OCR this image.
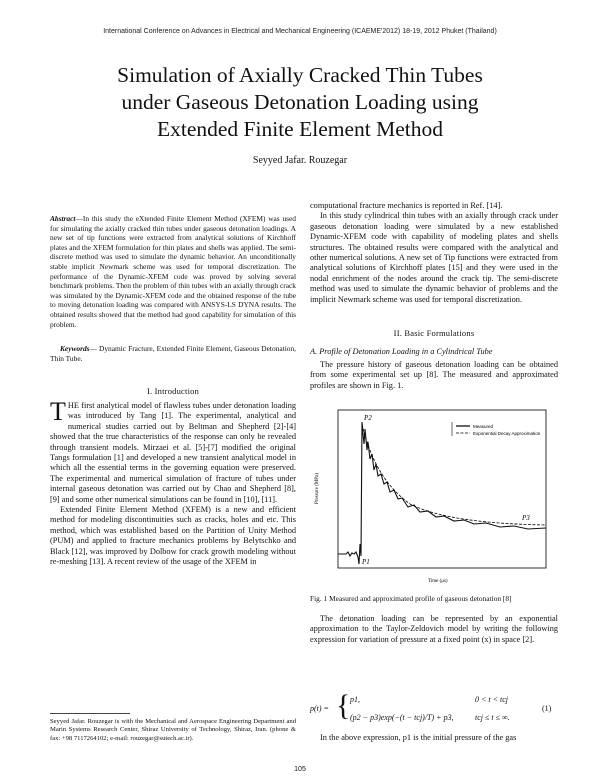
International Conference on Advances in Electrical and Mechanical Engineering (ICAEME'2012) 18-19, 2012 Phuket (Thailand)
Simulation of Axially Cracked Thin Tubes
under Gaseous Detonation Loading using
Extended Finite Element Method
Seyyed Jafar. Rouzegar
Abstract—In this study the eXtended Finite Element Method (XFEM) was used for simulating the axially cracked thin tubes under gaseous detonation loadings. A new set of tip functions were extracted from analytical solutions of Kirchhoff plates and the XFEM formulation for thin plates and shells was applied. The semi-discrete method was used to simulate the dynamic behavior. An unconditionally stable implicit Newmark scheme was used for temporal discretization. The performance of the Dynamic-XFEM code was proved by solving several benchmark problems. Then the problem of thin tubes with an axially through crack was simulated by the Dynamic-XFEM code and the obtained response of the tube to moving detonation loading was compared with ANSYS-LS DYNA results. The obtained results showed that the method had good capability for simulation of this problem.
Keywords— Dynamic Fracture, Extended Finite Element, Gaseous Detonation, Thin Tube.
I. Introduction

THE first analytical model of flawless tubes under detonation loading was introduced by Tang [1]. The experimental, analytical and numerical studies carried out by Beltman and Shepherd [2]-[4] showed that the true characteristics of the response can only be revealed through transient models. Mirzaei et al. [5]-[7] modified the original Tangs formulation [1] and developed a new transient analytical model in which all the essential terms in the governing equation were preserved. The experimental and numerical simulation of fracture of tubes under internal gaseous detonation was carried out by Chao and Shepherd [8], [9] and some other numerical simulations can be found in [10], [11].

Extended Finite Element Method (XFEM) is a new and efficient method for modeling discontinuities such as cracks, holes and etc. This method, which was established based on the Partition of Unity Method (PUM) and applied to fracture mechanics problems by Belytschko and Black [12], was improved by Dolbow for crack growth modeling without re-meshing [13]. A recent review of the usage of the XFEM in

Seyyed Jafar. Rouzegar is with the Mechanical and Aerospace Engineering Department and Marin Systems Research Center, Shiraz University of Technology, Shiraz, Iran. (phone & fax: +98 7117264102; e-mail: rouzegar@sutech.ac.ir).

computational fracture mechanics is reported in Ref. [14].

In this study cylindrical thin tubes with an axially through crack under gaseous detonation loading were simulated by a new established Dynamic-XFEM code with capability of modeling plates and shells structures. The obtained results were compared with the analytical and other numerical solutions. A new set of Tip functions were extracted from analytical solutions of Kirchhoff plates [15] and they were used in the nodal enrichment of the nodes around the crack tip. The semi-discrete method was used to simulate the dynamic behavior of problems and the implicit Newmark scheme was used for temporal discretization.

II. Basic Formulations
A. Profile of Detonation Loading in a Cylindrical Tube

The pressure history of gaseous detonation loading can be obtained from some experimental set up [8]. The measured and approximated profiles are shown in Fig. 1.

Pressure (MPa)
Time (μs)
Measured
Exponential Decay Approximation
P2
P3
P1
Fig. 1 Measured and approximated profile of gaseous detonation [8]

The detonation loading can be represented by an exponential approximation to the Taylor-Zeldovich model by writing the following expression for variation of pressure at a fixed point (x) in space [2].

p(t) = { p1,	0 < t < tcj
(p2 − p3)exp(−(t − tcj)/T) + p3,	tcj ≤ t ≤ ∞.
(1)

In the above expression, p1 is the initial pressure of the gas

105
